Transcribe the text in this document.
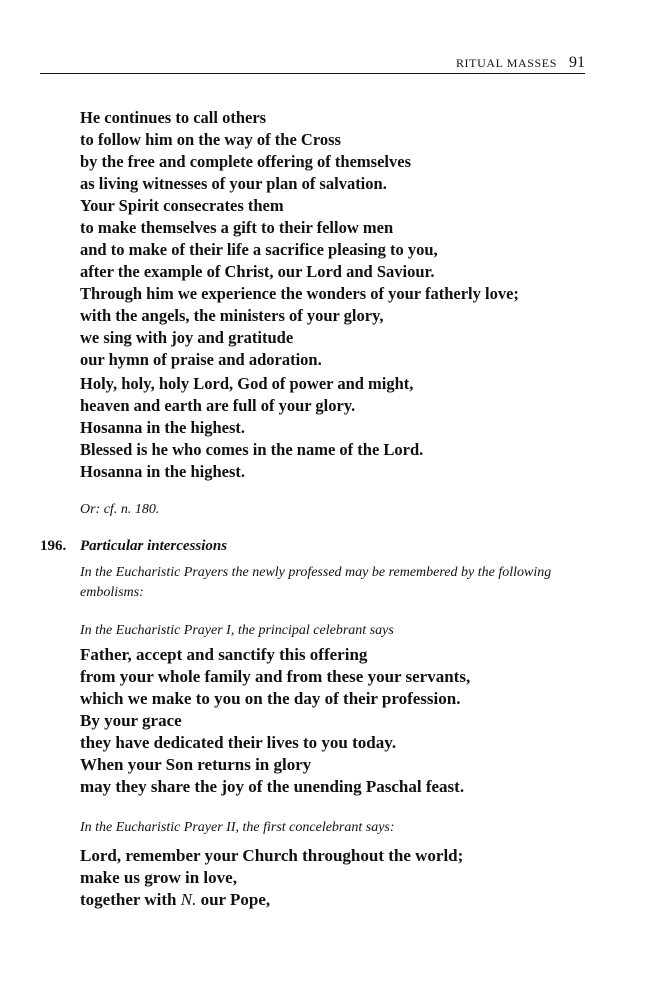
RITUAL MASSES 91
He continues to call others
to follow him on the way of the Cross
by the free and complete offering of themselves
as living witnesses of your plan of salvation.
Your Spirit consecrates them
to make themselves a gift to their fellow men
and to make of their life a sacrifice pleasing to you,
after the example of Christ, our Lord and Saviour.
Through him we experience the wonders of your fatherly love;
with the angels, the ministers of your glory,
we sing with joy and gratitude
our hymn of praise and adoration.
Holy, holy, holy Lord, God of power and might,
heaven and earth are full of your glory.
Hosanna in the highest.
Blessed is he who comes in the name of the Lord.
Hosanna in the highest.
Or: cf. n. 180.
196. Particular intercessions
In the Eucharistic Prayers the newly professed may be remembered by the following embolisms:
In the Eucharistic Prayer I, the principal celebrant says
Father, accept and sanctify this offering
from your whole family and from these your servants,
which we make to you on the day of their profession.
By your grace
they have dedicated their lives to you today.
When your Son returns in glory
may they share the joy of the unending Paschal feast.
In the Eucharistic Prayer II, the first concelebrant says:
Lord, remember your Church throughout the world;
make us grow in love,
together with N. our Pope,
